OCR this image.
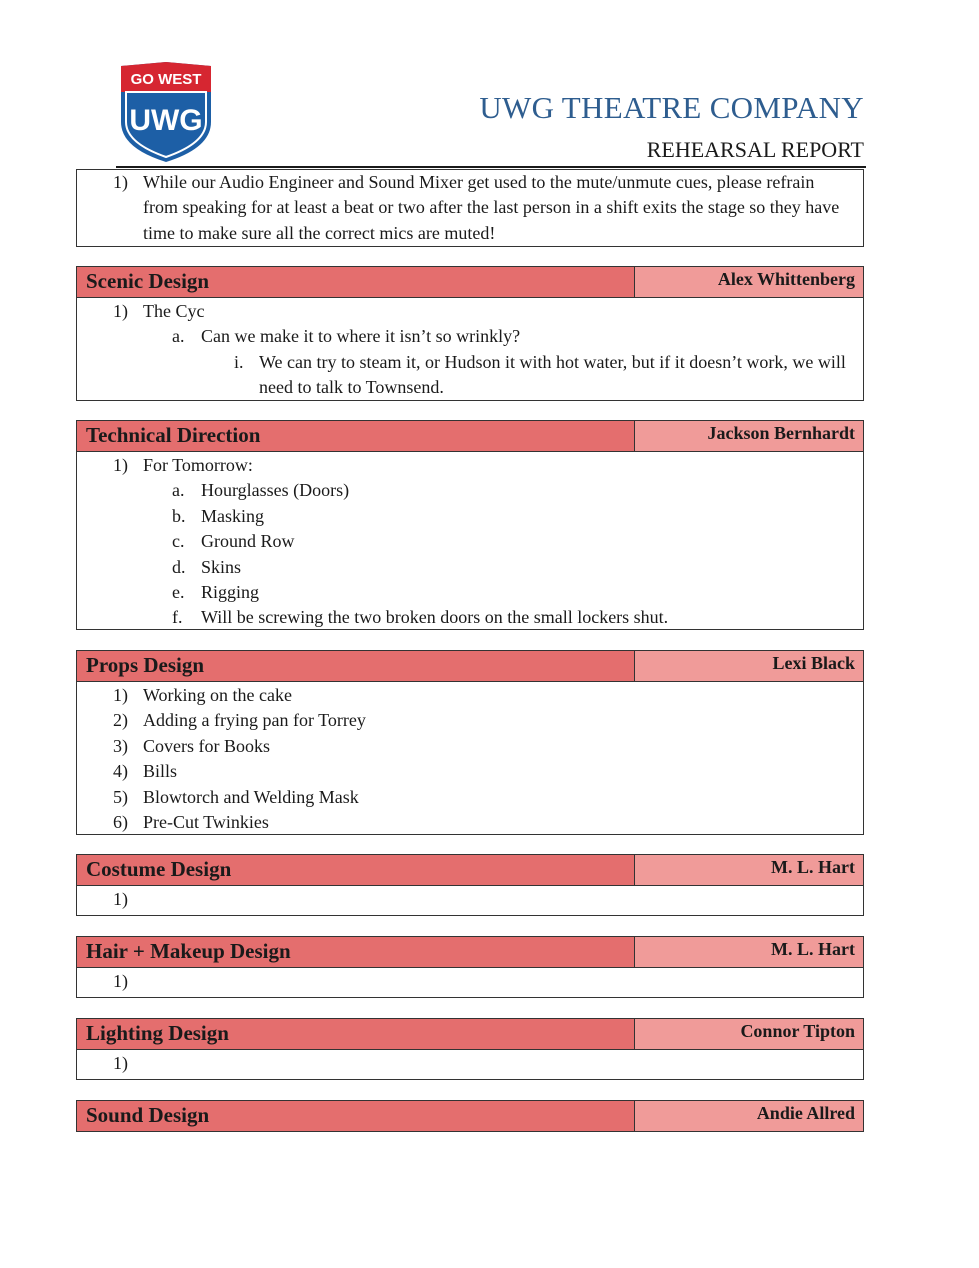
GO WEST
UWG	UWG THEATRE COMPANY
REHEARSAL REPORT
1) While our Audio Engineer and Sound Mixer get used to the mute/unmute cues, please refrain from speaking for at least a beat or two after the last person in a shift exits the stage so they have time to make sure all the correct mics are muted!
Scenic Design	Alex Whittenberg
1) The Cyc
a. Can we make it to where it isn’t so wrinkly?
i. We can try to steam it, or Hudson it with hot water, but if it doesn’t work, we will need to talk to Townsend.
Technical Direction	Jackson Bernhardt
1) For Tomorrow:
a. Hourglasses (Doors)
b. Masking
c. Ground Row
d. Skins
e. Rigging
f. Will be screwing the two broken doors on the small lockers shut.
Props Design	Lexi Black
1) Working on the cake
2) Adding a frying pan for Torrey
3) Covers for Books
4) Bills
5) Blowtorch and Welding Mask
6) Pre-Cut Twinkies
Costume Design	M. L. Hart
1)
Hair + Makeup Design	M. L. Hart
1)
Lighting Design	Connor Tipton
1)
Sound Design	Andie Allred
